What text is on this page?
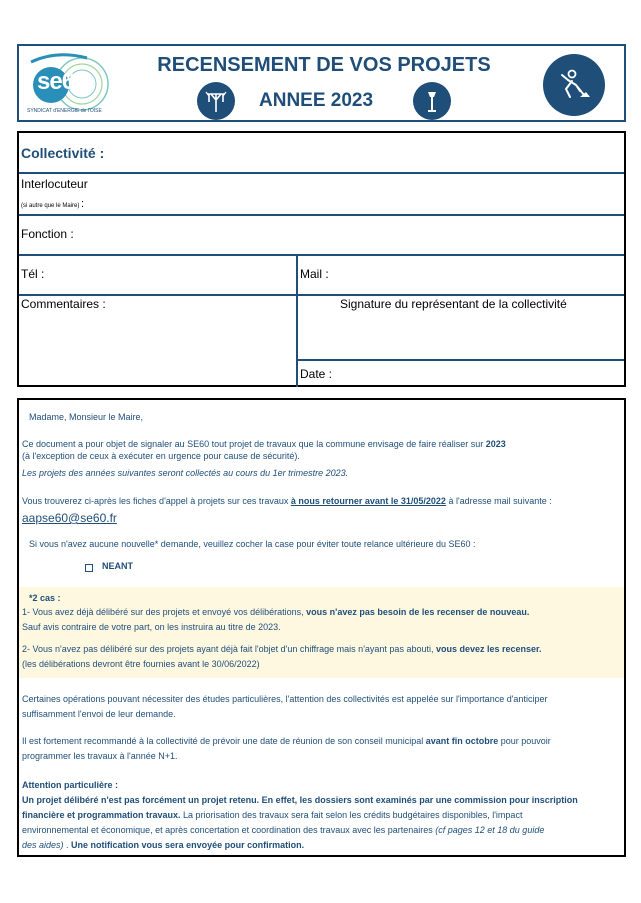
se60
SYNDICAT d'ENERGIE de l'OISE
RECENSEMENT DE VOS PROJETS
ANNEE 2023
Collectivité :
Interlocuteur
(si autre que le Maire) :
Fonction :
Tél :	Mail :
Commentaires :	Signature du représentant de la collectivité
Date :
Madame, Monsieur le Maire,
Ce document a pour objet de signaler au SE60 tout projet de travaux que la commune envisage de faire réaliser sur 2023
(à l'exception de ceux à exécuter en urgence pour cause de sécurité).
Les projets des années suivantes seront collectés au cours du 1er trimestre 2023.
Vous trouverez ci-après les fiches d'appel à projets sur ces travaux à nous retourner avant le 31/05/2022 à l'adresse mail suivante :
aapse60@se60.fr
Si vous n'avez aucune nouvelle* demande, veuillez cocher la case pour éviter toute relance ultérieure du SE60 :
NEANT
*2 cas :
1- Vous avez déjà délibéré sur des projets et envoyé vos délibérations, vous n'avez pas besoin de les recenser de nouveau.
Sauf avis contraire de votre part, on les instruira au titre de 2023.
2- Vous n'avez pas délibéré sur des projets ayant déjà fait l'objet d'un chiffrage mais n'ayant pas abouti, vous devez les recenser.
(les délibérations devront être fournies avant le 30/06/2022)
Certaines opérations pouvant nécessiter des études particulières, l'attention des collectivités est appelée sur l'importance d'anticiper
suffisamment l'envoi de leur demande.
Il est fortement recommandé à la collectivité de prévoir une date de réunion de son conseil municipal avant fin octobre pour pouvoir
programmer les travaux à l'année N+1.
Attention particulière :
Un projet délibéré n'est pas forcément un projet retenu. En effet, les dossiers sont examinés par une commission pour inscription
financière et programmation travaux. La priorisation des travaux sera fait selon les crédits budgétaires disponibles, l'impact
environnemental et économique, et après concertation et coordination des travaux avec les partenaires (cf pages 12 et 18 du guide
des aides) . Une notification vous sera envoyée pour confirmation.
